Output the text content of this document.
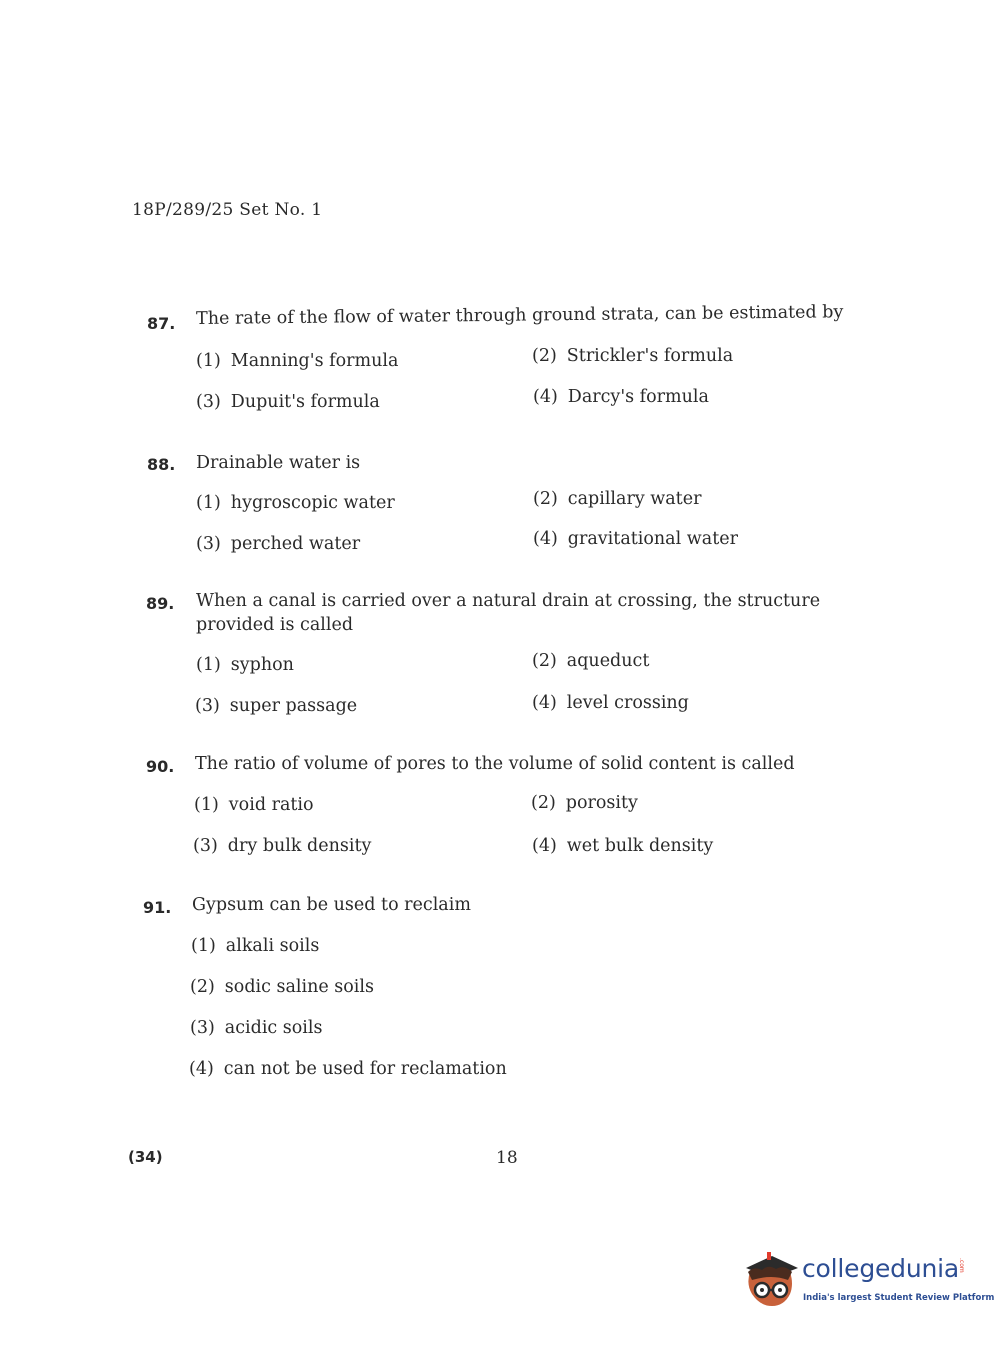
18P/289/25 Set No. 1
87. The rate of the flow of water through ground strata, can be estimated by
(1) Manning's formula	(2) Strickler's formula
(3) Dupuit's formula	(4) Darcy's formula
88. Drainable water is
(1) hygroscopic water	(2) capillary water
(3) perched water	(4) gravitational water
89. When a canal is carried over a natural drain at crossing, the structure provided is called
(1) syphon	(2) aqueduct
(3) super passage	(4) level crossing
90. The ratio of volume of pores to the volume of solid content is called
(1) void ratio	(2) porosity
(3) dry bulk density	(4) wet bulk density
91. Gypsum can be used to reclaim
(1) alkali soils
(2) sodic saline soils
(3) acidic soils
(4) can not be used for reclamation
(34)	18
collegedunia .com
India's largest Student Review Platform
